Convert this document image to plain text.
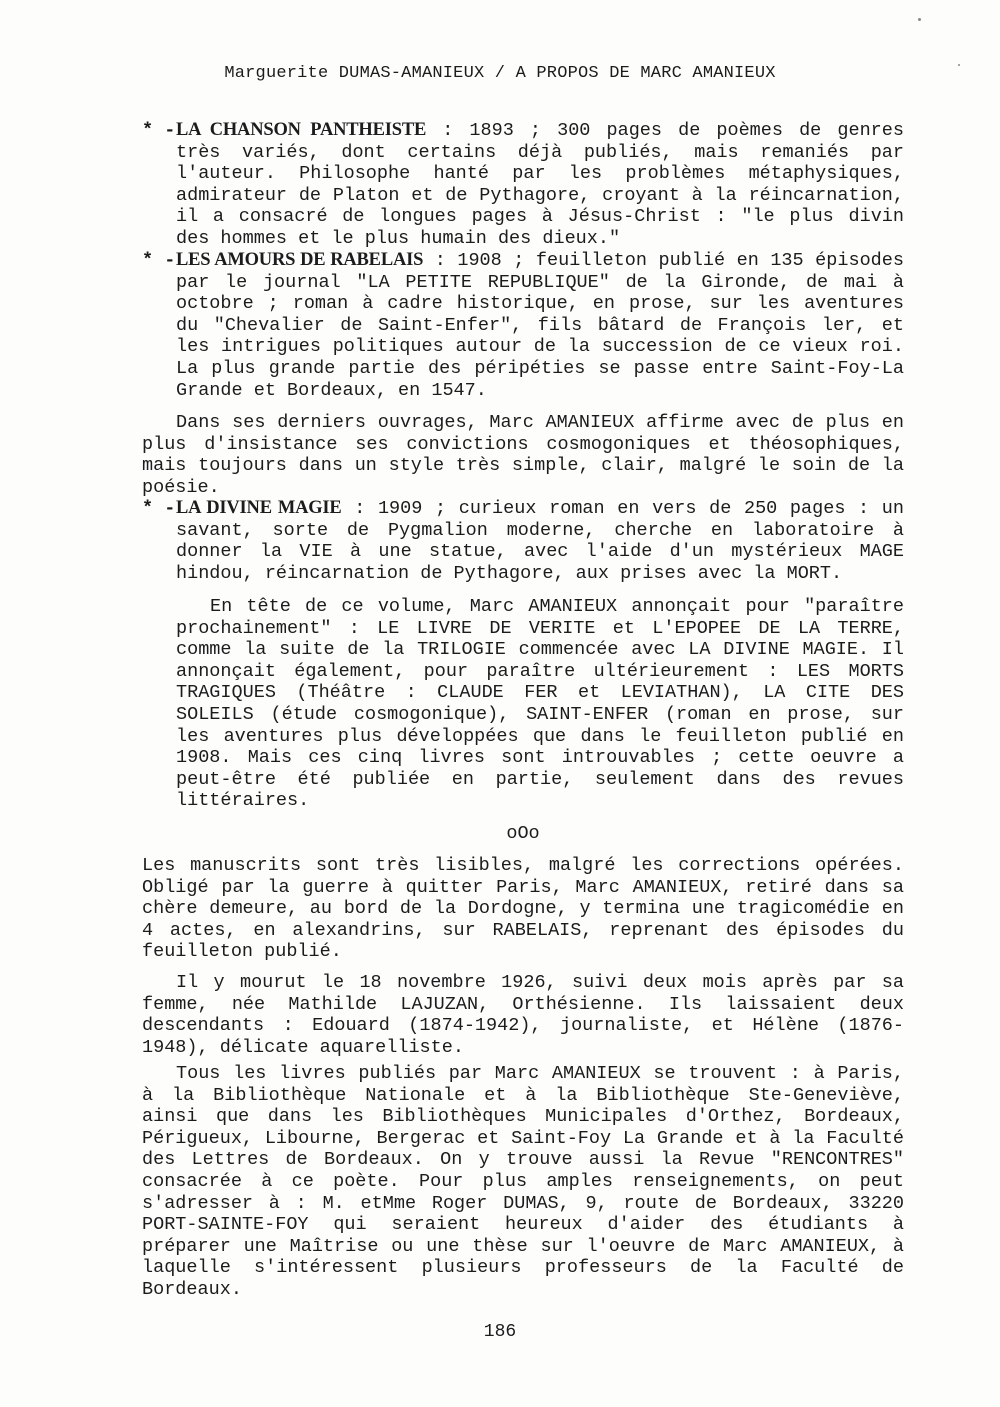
Marguerite DUMAS-AMANIEUX / A PROPOS DE MARC AMANIEUX
* - LA CHANSON PANTHEISTE : 1893 ; 300 pages de poèmes de genres très variés, dont certains déjà publiés, mais remaniés par l'auteur. Philosophe hanté par les problèmes métaphysiques, admirateur de Platon et de Pythagore, croyant à la réincarnation, il a consacré de longues pages à Jésus-Christ : "le plus divin des hommes et le plus humain des dieux."
* - LES AMOURS DE RABELAIS : 1908 ; feuilleton publié en 135 épisodes par le journal "LA PETITE REPUBLIQUE" de la Gironde, de mai à octobre ; roman à cadre historique, en prose, sur les aventures du "Chevalier de Saint-Enfer", fils bâtard de François ler, et les intrigues politiques autour de la succession de ce vieux roi. La plus grande partie des péripéties se passe entre Saint-Foy-La Grande et Bordeaux, en 1547.

Dans ses derniers ouvrages, Marc AMANIEUX affirme avec de plus en plus d'insistance ses convictions cosmogoniques et théosophiques, mais toujours dans un style très simple, clair, malgré le soin de la poésie.

* - LA DIVINE MAGIE : 1909 ; curieux roman en vers de 250 pages : un savant, sorte de Pygmalion moderne, cherche en laboratoire à donner la VIE à une statue, avec l'aide d'un mystérieux MAGE hindou, réincarnation de Pythagore, aux prises avec la MORT.

En tête de ce volume, Marc AMANIEUX annonçait pour "paraître prochainement" : LE LIVRE DE VERITE et L'EPOPEE DE LA TERRE, comme la suite de la TRILOGIE commencée avec LA DIVINE MAGIE. Il annonçait également, pour paraître ultérieurement : LES MORTS TRAGIQUES (Théâtre : CLAUDE FER et LEVIATHAN), LA CITE DES SOLEILS (étude cosmogonique), SAINT-ENFER (roman en prose, sur les aventures plus développées que dans le feuilleton publié en 1908. Mais ces cinq livres sont introuvables ; cette oeuvre a peut-être été publiée en partie, seulement dans des revues littéraires.

oOo

Les manuscrits sont très lisibles, malgré les corrections opérées. Obligé par la guerre à quitter Paris, Marc AMANIEUX, retiré dans sa chère demeure, au bord de la Dordogne, y termina une tragicomédie en 4 actes, en alexandrins, sur RABELAIS, reprenant des épisodes du feuilleton publié.

Il y mourut le 18 novembre 1926, suivi deux mois après par sa femme, née Mathilde LAJUZAN, Orthésienne. Ils laissaient deux descendants : Edouard (1874-1942), journaliste, et Hélène (1876-1948), délicate aquarelliste.

Tous les livres publiés par Marc AMANIEUX se trouvent : à Paris, à la Bibliothèque Nationale et à la Bibliothèque Ste-Geneviève, ainsi que dans les Bibliothèques Municipales d'Orthez, Bordeaux, Périgueux, Libourne, Bergerac et Saint-Foy La Grande et à la Faculté des Lettres de Bordeaux. On y trouve aussi la Revue "RENCONTRES" consacrée à ce poète. Pour plus amples renseignements, on peut s'adresser à : M. etMme Roger DUMAS, 9, route de Bordeaux, 33220 PORT-SAINTE-FOY qui seraient heureux d'aider des étudiants à préparer une Maîtrise ou une thèse sur l'oeuvre de Marc AMANIEUX, à laquelle s'intéressent plusieurs professeurs de la Faculté de Bordeaux.

186
